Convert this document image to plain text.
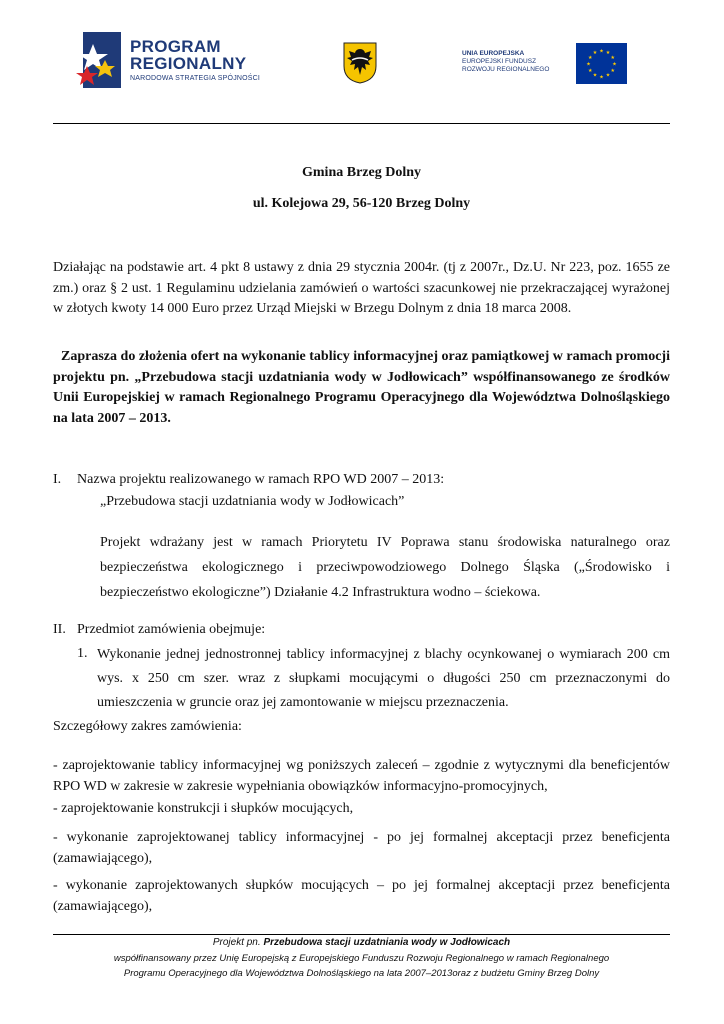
PROGRAM
REGIONALNY
NARODOWA STRATEGIA SPÓJNOŚCI
UNIA EUROPEJSKA
EUROPEJSKI FUNDUSZ
ROZWOJU REGIONALNEGO
★ ★
★
★
★
★
★
★
★
★
★
★
Gmina Brzeg Dolny
ul. Kolejowa 29, 56-120 Brzeg Dolny
Działając na podstawie art. 4 pkt 8 ustawy z dnia 29 stycznia 2004r. (tj z 2007r., Dz.U. Nr 223, poz. 1655 ze zm.) oraz § 2 ust. 1 Regulaminu udzielania zamówień o wartości szacunkowej nie przekraczającej wyrażonej w złotych kwoty 14 000 Euro przez Urząd Miejski w Brzegu Dolnym z dnia 18 marca 2008.
Zaprasza do złożenia ofert na wykonanie tablicy informacyjnej oraz pamiątkowej w ramach promocji projektu pn. „Przebudowa stacji uzdatniania wody w Jodłowicach” współfinansowanego ze środków Unii Europejskiej w ramach Regionalnego Programu Operacyjnego dla Województwa Dolnośląskiego na lata 2007 – 2013.
I. Nazwa projektu realizowanego w ramach RPO WD 2007 – 2013:
„Przebudowa stacji uzdatniania wody w Jodłowicach”
Projekt wdrażany jest w ramach Priorytetu IV Poprawa stanu środowiska naturalnego oraz bezpieczeństwa ekologicznego i przeciwpowodziowego Dolnego Śląska („Środowisko i bezpieczeństwo ekologiczne”) Działanie 4.2 Infrastruktura wodno – ściekowa.
II. Przedmiot zamówienia obejmuje:
1. Wykonanie jednej jednostronnej tablicy informacyjnej z blachy ocynkowanej o wymiarach 200 cm wys. x 250 cm szer. wraz z słupkami mocującymi o długości 250 cm przeznaczonymi do umieszczenia w gruncie oraz jej zamontowanie w miejscu przeznaczenia.
Szczegółowy zakres zamówienia:
- zaprojektowanie tablicy informacyjnej wg poniższych zaleceń – zgodnie z wytycznymi dla beneficjentów RPO WD w zakresie w zakresie wypełniania obowiązków informacyjno-promocyjnych,
- zaprojektowanie konstrukcji i słupków mocujących,
- wykonanie zaprojektowanej tablicy informacyjnej - po jej formalnej akceptacji przez beneficjenta (zamawiającego),
- wykonanie zaprojektowanych słupków mocujących – po jej formalnej akceptacji przez beneficjenta (zamawiającego),
Projekt pn. Przebudowa stacji uzdatniania wody w Jodłowicach
współfinansowany przez Unię Europejską z Europejskiego Funduszu Rozwoju Regionalnego w ramach Regionalnego
Programu Operacyjnego dla Województwa Dolnośląskiego na lata 2007–2013oraz z budżetu Gminy Brzeg Dolny
